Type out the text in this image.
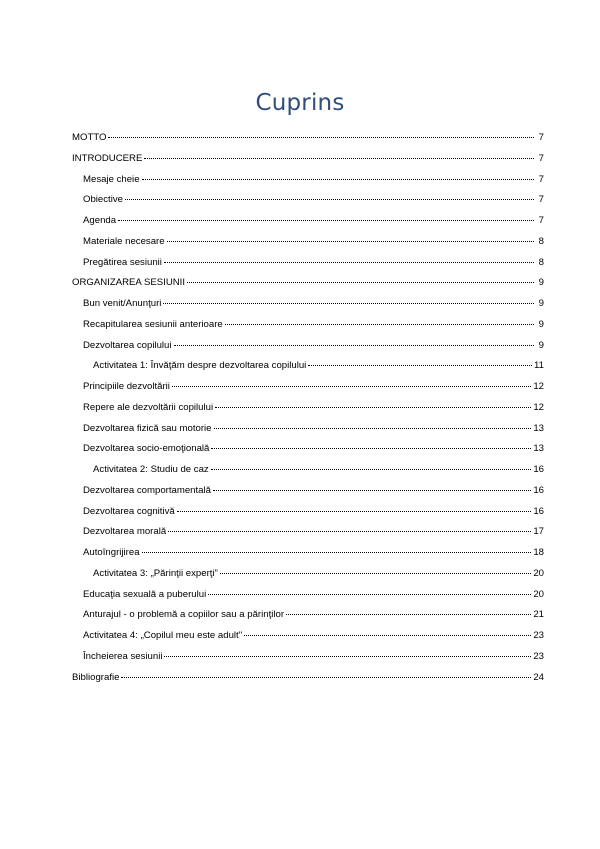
Cuprins
MOTTO	7
INTRODUCERE	7
Mesaje cheie	7
Obiective	7
Agenda	7
Materiale necesare	8
Pregătirea sesiunii	8
ORGANIZAREA SESIUNII	9
Bun venit/Anunţuri	9
Recapitularea sesiunii anterioare	9
Dezvoltarea copilului	9
Activitatea 1: Învăţăm despre dezvoltarea copilului	11
Principiile dezvoltării	12
Repere ale dezvoltării copilului	12
Dezvoltarea fizică sau motorie	13
Dezvoltarea socio-emoţională	13
Activitatea 2: Studiu de caz	16
Dezvoltarea comportamentală	16
Dezvoltarea cognitivă	16
Dezvoltarea morală	17
Autoîngrijirea	18
Activitatea 3: „Părinţii experţi”	20
Educaţia sexuală a puberului	20
Anturajul - o problemă a copiilor sau a părinţilor	21
Activitatea 4: „Copilul meu este adult"	23
Încheierea sesiunii	23
Bibliografie	24
